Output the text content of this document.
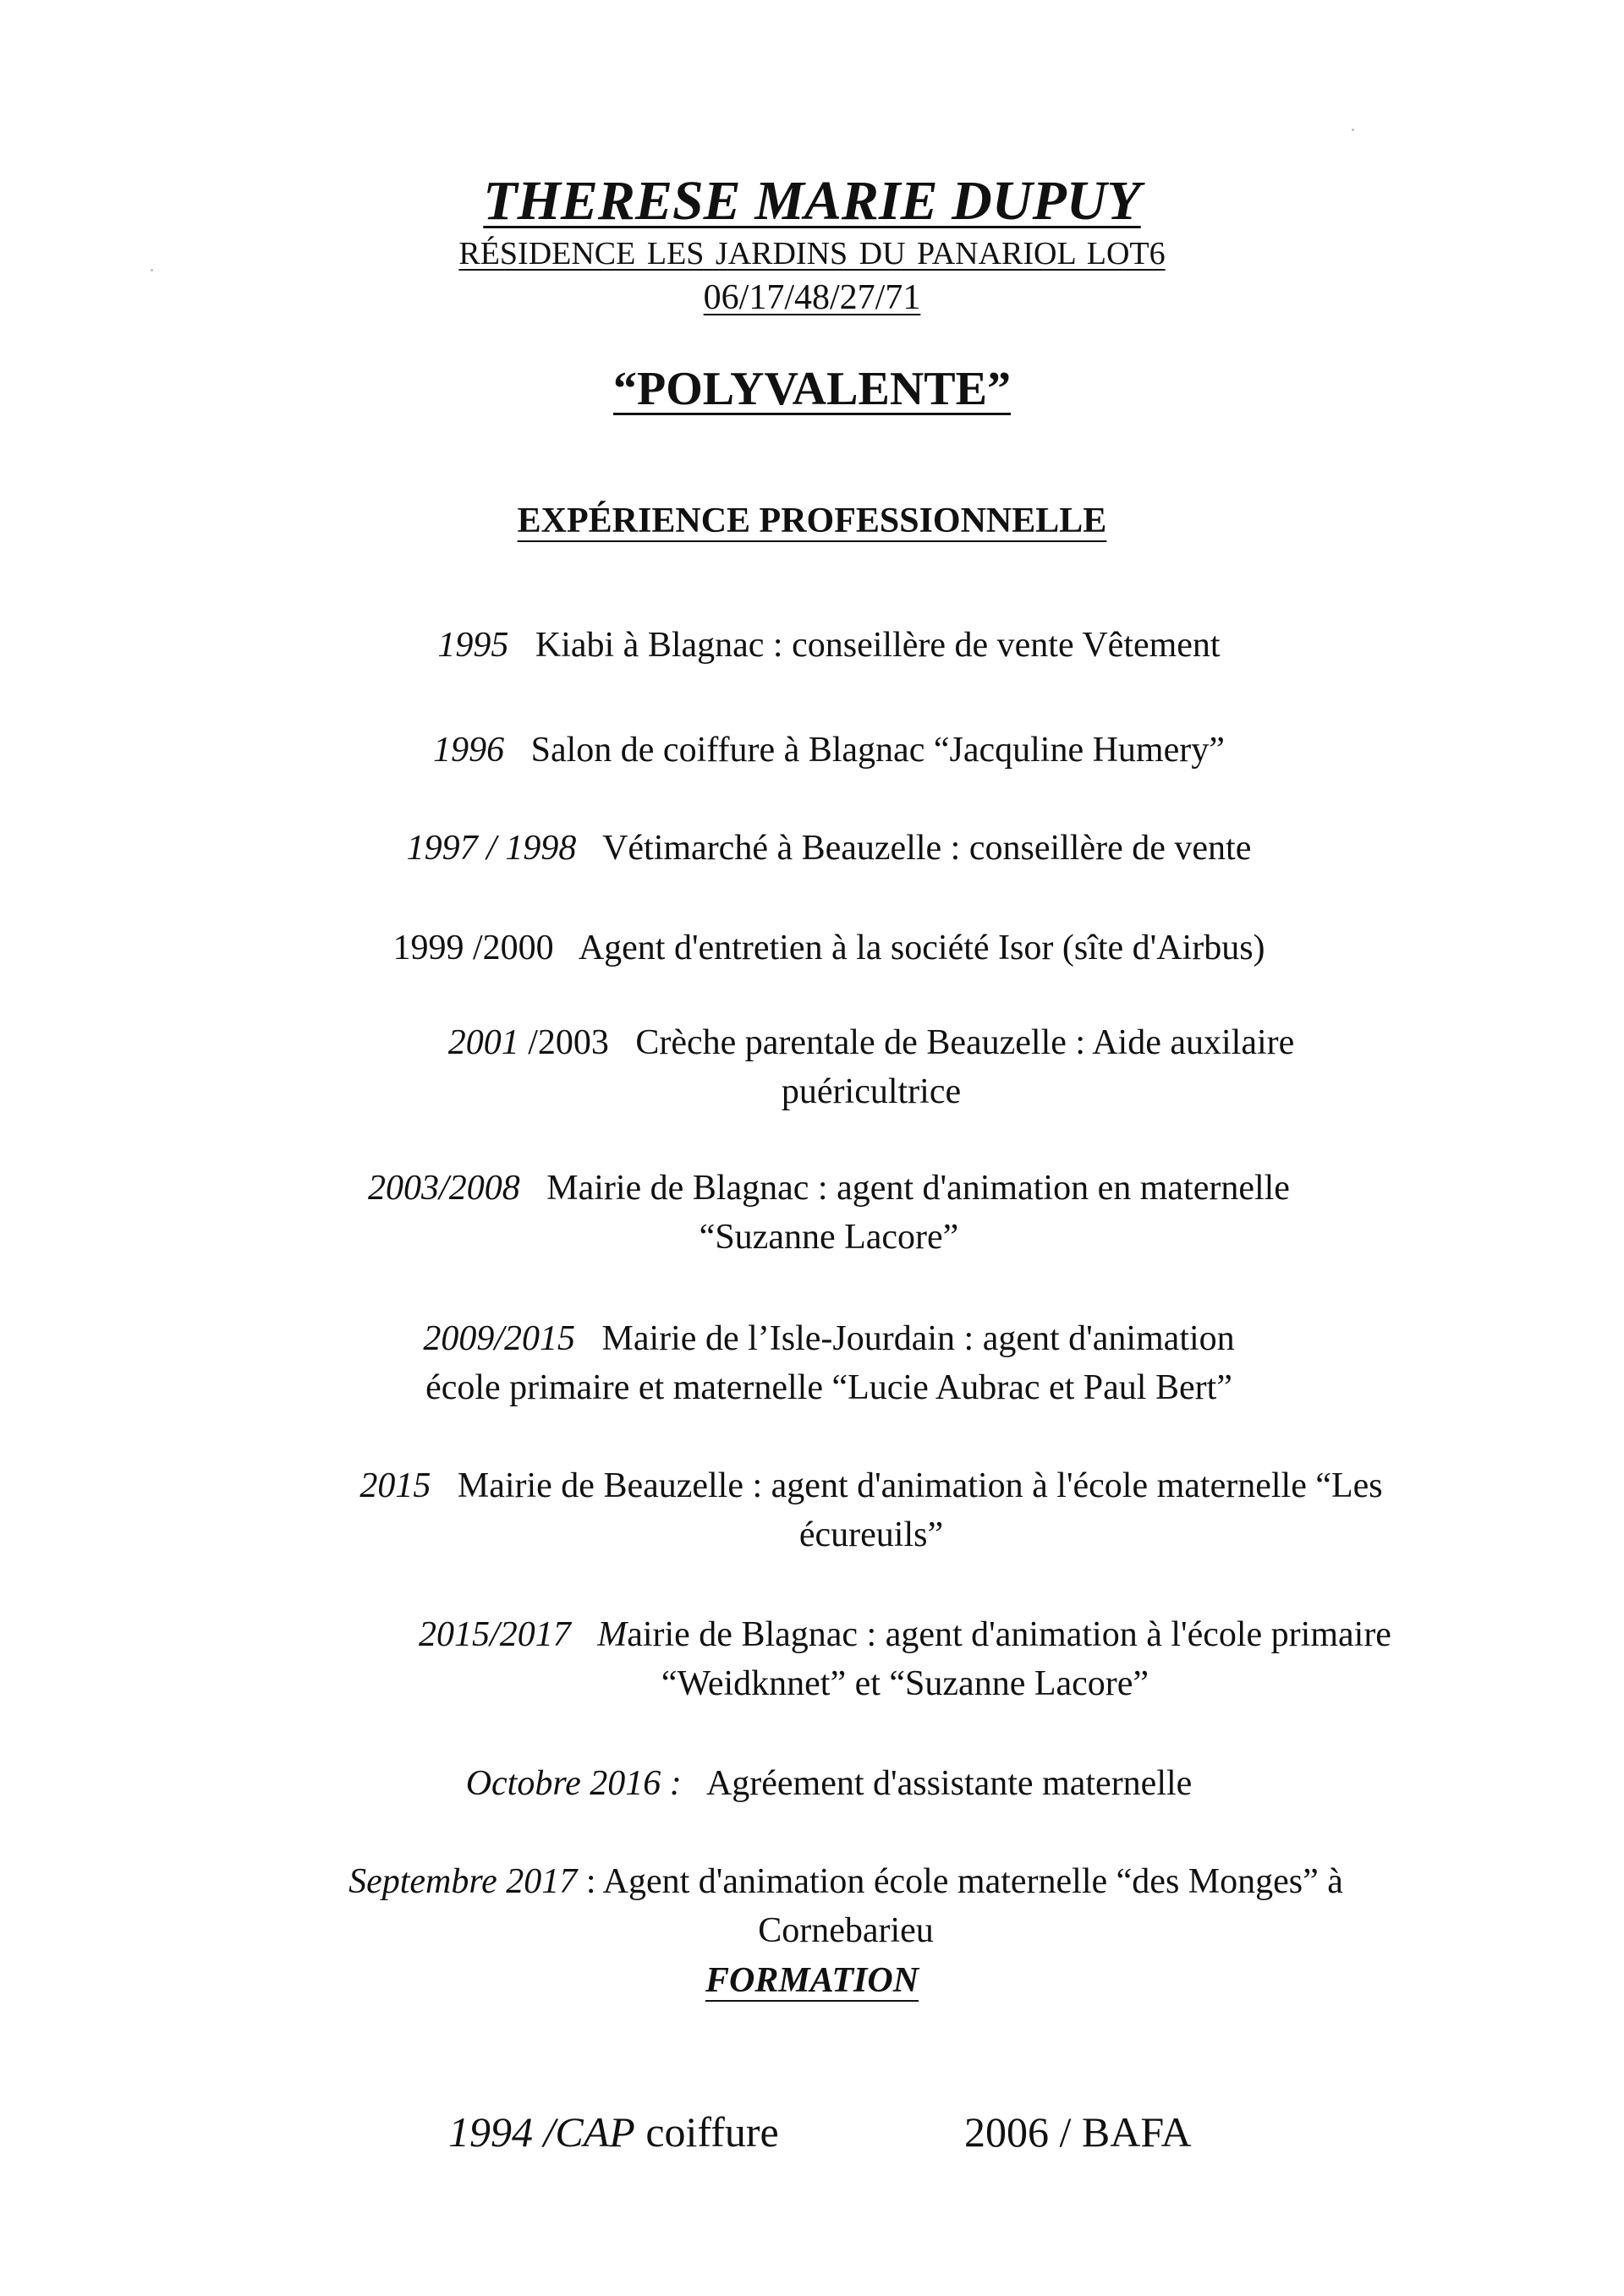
THERESE MARIE DUPUY
RÉSIDENCE LES JARDINS DU PANARIOL LOT6
06/17/48/27/71
“POLYVALENTE”
EXPÉRIENCE PROFESSIONNELLE
1995 Kiabi à Blagnac : conseillère de vente Vêtement
1996 Salon de coiffure à Blagnac “Jacquline Humery”
1997 / 1998 Vétimarché à Beauzelle : conseillère de vente
1999 /2000 Agent d'entretien à la société Isor (sîte d'Airbus)
2001 /2003 Crèche parentale de Beauzelle : Aide auxilaire
puéricultrice
2003/2008 Mairie de Blagnac : agent d'animation en maternelle
“Suzanne Lacore”
2009/2015 Mairie de l’Isle-Jourdain : agent d'animation
école primaire et maternelle “Lucie Aubrac et Paul Bert”
2015 Mairie de Beauzelle : agent d'animation à l'école maternelle “Les
écureuils”
2015/2017 Mairie de Blagnac : agent d'animation à l'école primaire
“Weidknnet” et “Suzanne Lacore”
Octobre 2016 : Agréement d'assistante maternelle
Septembre 2017 : Agent d'animation école maternelle “des Monges” à
Cornebarieu
FORMATION
1994 /CAP coiffure	2006 / BAFA
